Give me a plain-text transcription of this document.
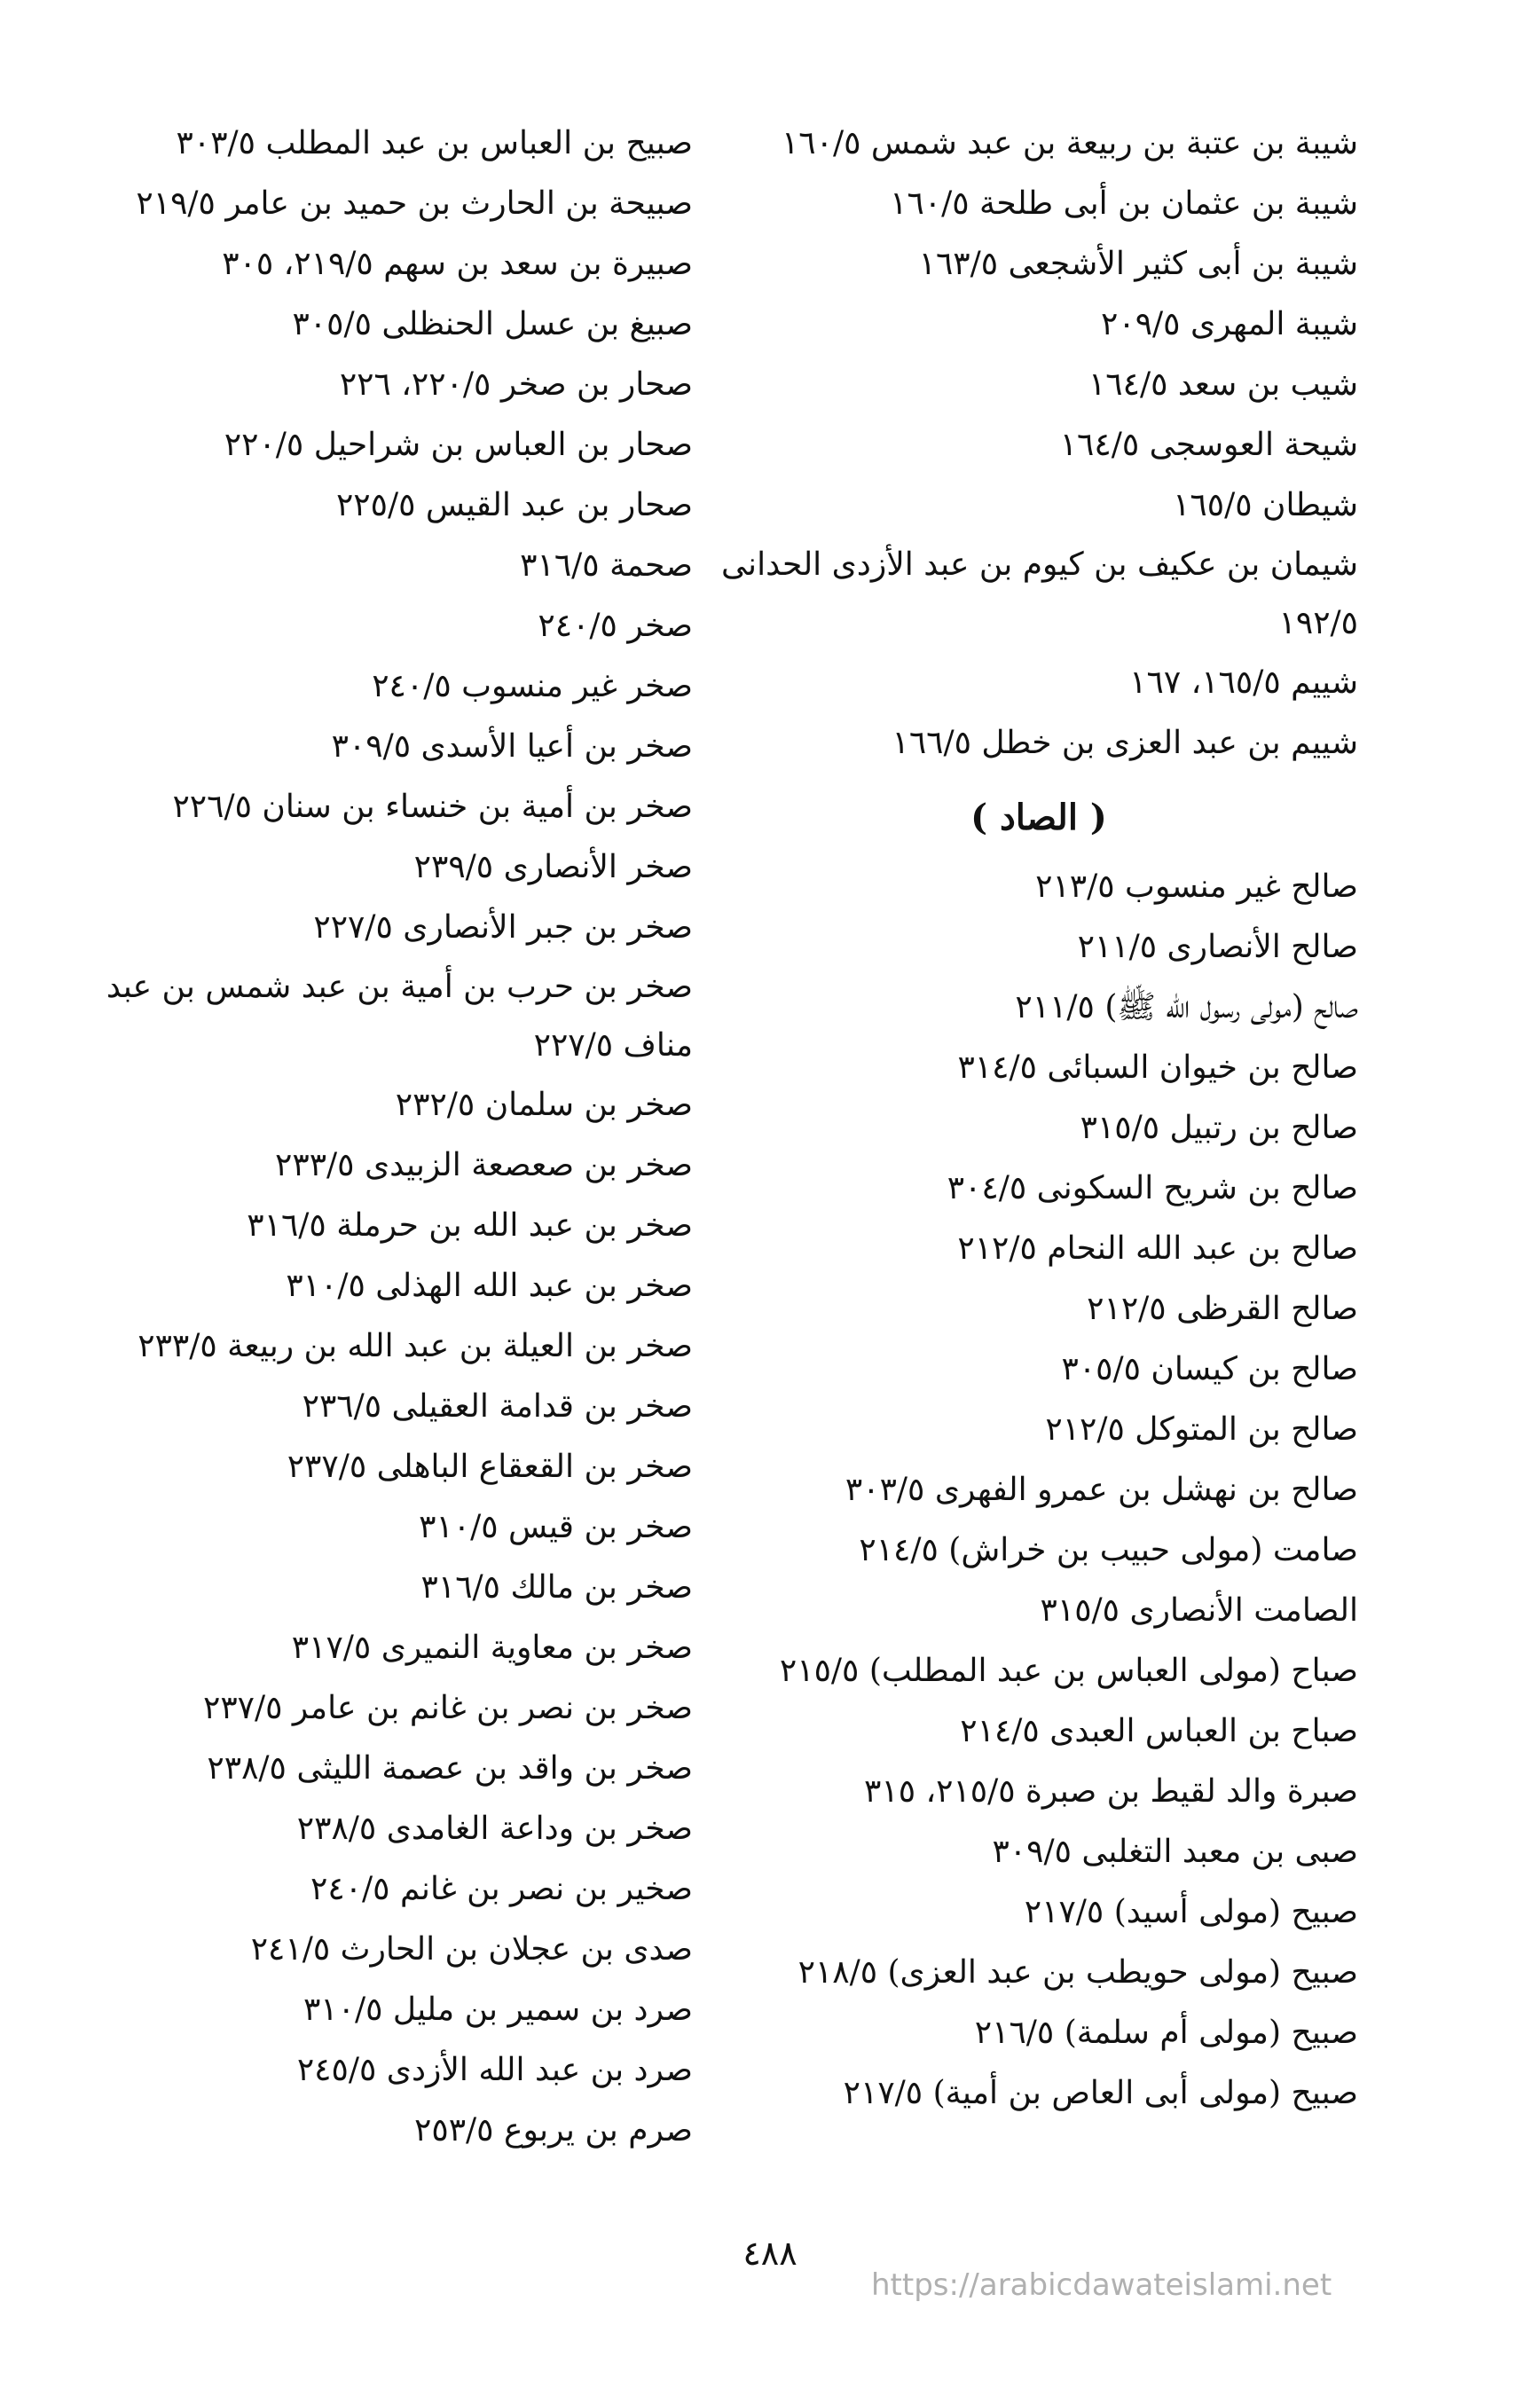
شيبة بن عتبة بن ربيعة بن عبد شمس ١٦٠/٥
شيبة بن عثمان بن أبى طلحة ١٦٠/٥
شيبة بن أبى كثير الأشجعى ١٦٣/٥
شيبة المهرى ٢٠٩/٥
شيب بن سعد ١٦٤/٥
شيحة العوسجى ١٦٤/٥
شيطان ١٦٥/٥
شيمان بن عكيف بن كيوم بن عبد الأزدى الحدانى ١٩٢/٥
شييم ١٦٥/٥، ١٦٧
شييم بن عبد العزى بن خطل ١٦٦/٥
( الصاد )
صالح غير منسوب ٢١٣/٥
صالح الأنصارى ٢١١/٥
صالح (مولى رسول الله ﷺ) ٢١١/٥
صالح بن خيوان السبائى ٣١٤/٥
صالح بن رتبيل ٣١٥/٥
صالح بن شريح السكونى ٣٠٤/٥
صالح بن عبد الله النحام ٢١٢/٥
صالح القرظى ٢١٢/٥
صالح بن كيسان ٣٠٥/٥
صالح بن المتوكل ٢١٢/٥
صالح بن نهشل بن عمرو الفهرى ٣٠٣/٥
صامت (مولى حبيب بن خراش) ٢١٤/٥
الصامت الأنصارى ٣١٥/٥
صباح (مولى العباس بن عبد المطلب) ٢١٥/٥
صباح بن العباس العبدى ٢١٤/٥
صبرة والد لقيط بن صبرة ٢١٥/٥، ٣١٥
صبى بن معبد التغلبى ٣٠٩/٥
صبيح (مولى أسيد) ٢١٧/٥
صبيح (مولى حويطب بن عبد العزى) ٢١٨/٥
صبيح (مولى أم سلمة) ٢١٦/٥
صبيح (مولى أبى العاص بن أمية) ٢١٧/٥
صبيح بن العباس بن عبد المطلب ٣٠٣/٥
صبيحة بن الحارث بن حميد بن عامر ٢١٩/٥
صبيرة بن سعد بن سهم ٢١٩/٥، ٣٠٥
صبيغ بن عسل الحنظلى ٣٠٥/٥
صحار بن صخر ٢٢٠/٥، ٢٢٦
صحار بن العباس بن شراحيل ٢٢٠/٥
صحار بن عبد القيس ٢٢٥/٥
صحمة ٣١٦/٥
صخر ٢٤٠/٥
صخر غير منسوب ٢٤٠/٥
صخر بن أعيا الأسدى ٣٠٩/٥
صخر بن أمية بن خنساء بن سنان ٢٢٦/٥
صخر الأنصارى ٢٣٩/٥
صخر بن جبر الأنصارى ٢٢٧/٥
صخر بن حرب بن أمية بن عبد شمس بن عبد مناف ٢٢٧/٥
صخر بن سلمان ٢٣٢/٥
صخر بن صعصعة الزبيدى ٢٣٣/٥
صخر بن عبد الله بن حرملة ٣١٦/٥
صخر بن عبد الله الهذلى ٣١٠/٥
صخر بن العيلة بن عبد الله بن ربيعة ٢٣٣/٥
صخر بن قدامة العقيلى ٢٣٦/٥
صخر بن القعقاع الباهلى ٢٣٧/٥
صخر بن قيس ٣١٠/٥
صخر بن مالك ٣١٦/٥
صخر بن معاوية النميرى ٣١٧/٥
صخر بن نصر بن غانم بن عامر ٢٣٧/٥
صخر بن واقد بن عصمة الليثى ٢٣٨/٥
صخر بن وداعة الغامدى ٢٣٨/٥
صخير بن نصر بن غانم ٢٤٠/٥
صدى بن عجلان بن الحارث ٢٤١/٥
صرد بن سمير بن مليل ٣١٠/٥
صرد بن عبد الله الأزدى ٢٤٥/٥
صرم بن يربوع ٢٥٣/٥
٤٨٨
https://arabicdawateislami.net
